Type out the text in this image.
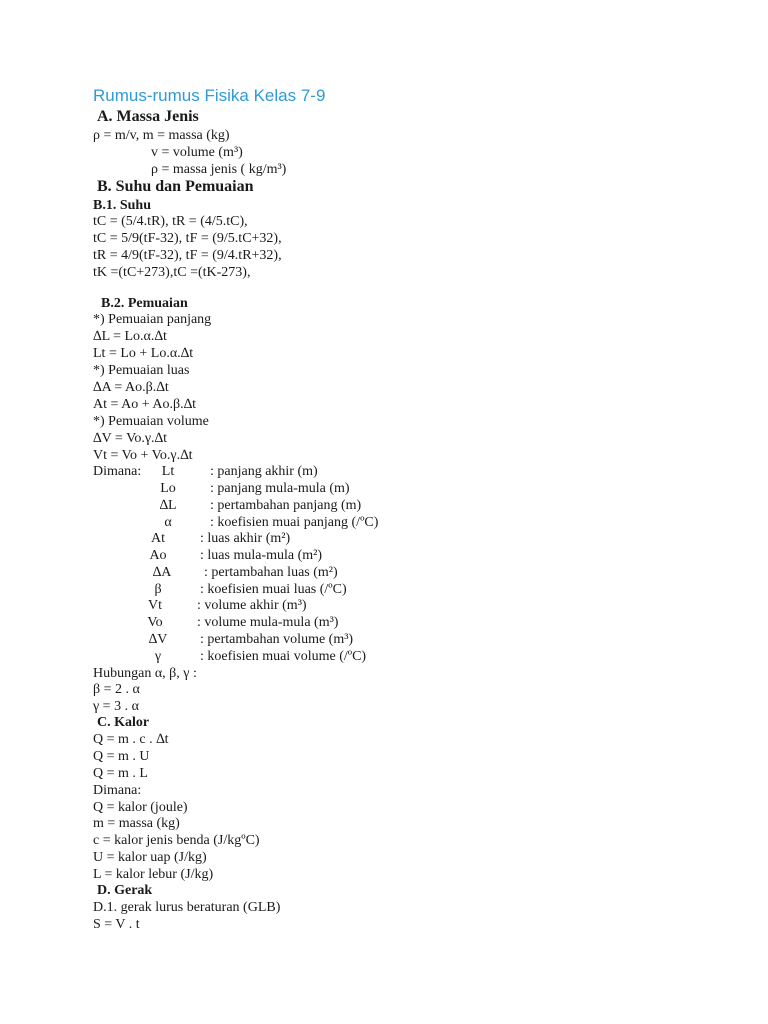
Rumus-rumus Fisika Kelas 7-9
A. Massa Jenis
ρ = m/v, m = massa (kg)
v = volume (m³)
ρ = massa jenis ( kg/m³)
B. Suhu dan Pemuaian
B.1. Suhu
tC = (5/4.tR), tR = (4/5.tC),
tC = 5/9(tF-32), tF = (9/5.tC+32),
tR = 4/9(tF-32), tF = (9/4.tR+32),
tK =(tC+273),tC =(tK-273),
B.2. Pemuaian
*) Pemuaian panjang
∆L = Lo.α.∆t
Lt = Lo + Lo.α.∆t
*) Pemuaian luas
∆A = Ao.β.∆t
At = Ao + Ao.β.∆t
*) Pemuaian volume
∆V = Vo.γ.∆t
Vt = Vo + Vo.γ.∆t
Dimana:	Lt	: panjang akhir (m)
Lo : panjang mula-mula (m)
∆L : pertambahan panjang (m)
α	: koefisien muai panjang (/ºC)
At	: luas akhir (m²)
Ao : luas mula-mula (m²)
∆A : pertambahan luas (m²)
β	: koefisien muai luas (/ºC)
Vt	: volume akhir (m³)
Vo : volume mula-mula (m³)
∆V : pertambahan volume (m³)
γ	: koefisien muai volume (/ºC)
Hubungan α, β, γ :
β = 2 . α
γ = 3 . α
C. Kalor
Q = m . c . ∆t
Q = m . U
Q = m . L
Dimana:
Q = kalor (joule)
m = massa (kg)
c = kalor jenis benda (J/kgºC)
U = kalor uap (J/kg)
L = kalor lebur (J/kg)
D. Gerak
D.1. gerak lurus beraturan (GLB)
S = V . t
